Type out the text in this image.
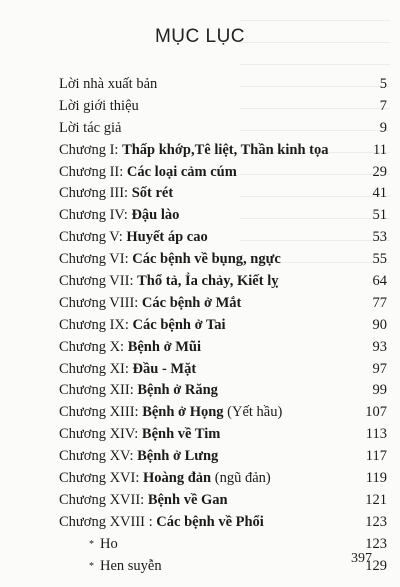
MỤC LỤC
Lời nhà xuất bản	5
Lời giới thiệu	7
Lời tác giả	9
Chương I: Thấp khớp,Tê liệt, Thần kinh tọa	11
Chương II: Các loại cảm cúm	29
Chương III: Sốt rét	41
Chương IV: Đậu lào	51
Chương V: Huyết áp cao	53
Chương VI: Các bệnh về bụng, ngực	55
Chương VII: Thổ tả, Ỉa chảy, Kiết lỵ	64
Chương VIII: Các bệnh ở Mắt	77
Chương IX: Các bệnh ở Tai	90
Chương X: Bệnh ở Mũi	93
Chương XI: Đầu - Mặt	97
Chương XII: Bệnh ở Răng	99
Chương XIII: Bệnh ở Họng (Yết hầu)	107
Chương XIV: Bệnh về Tim	113
Chương XV: Bệnh ở Lưng	117
Chương XVI: Hoàng đản (ngũ đản)	119
Chương XVII: Bệnh về Gan	121
Chương XVIII : Các bệnh về Phổi	123
* Ho	123
* Hen suyễn	129
397
